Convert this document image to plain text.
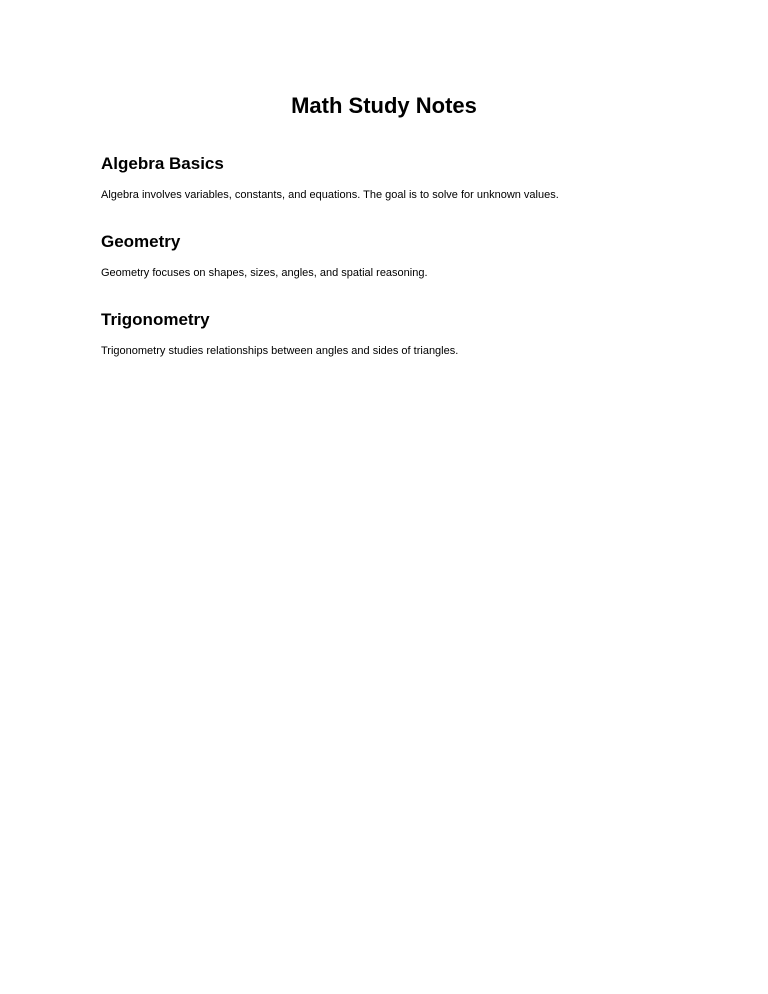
Math Study Notes
Algebra Basics

Algebra involves variables, constants, and equations. The goal is to solve for unknown values.

Geometry

Geometry focuses on shapes, sizes, angles, and spatial reasoning.

Trigonometry

Trigonometry studies relationships between angles and sides of triangles.
